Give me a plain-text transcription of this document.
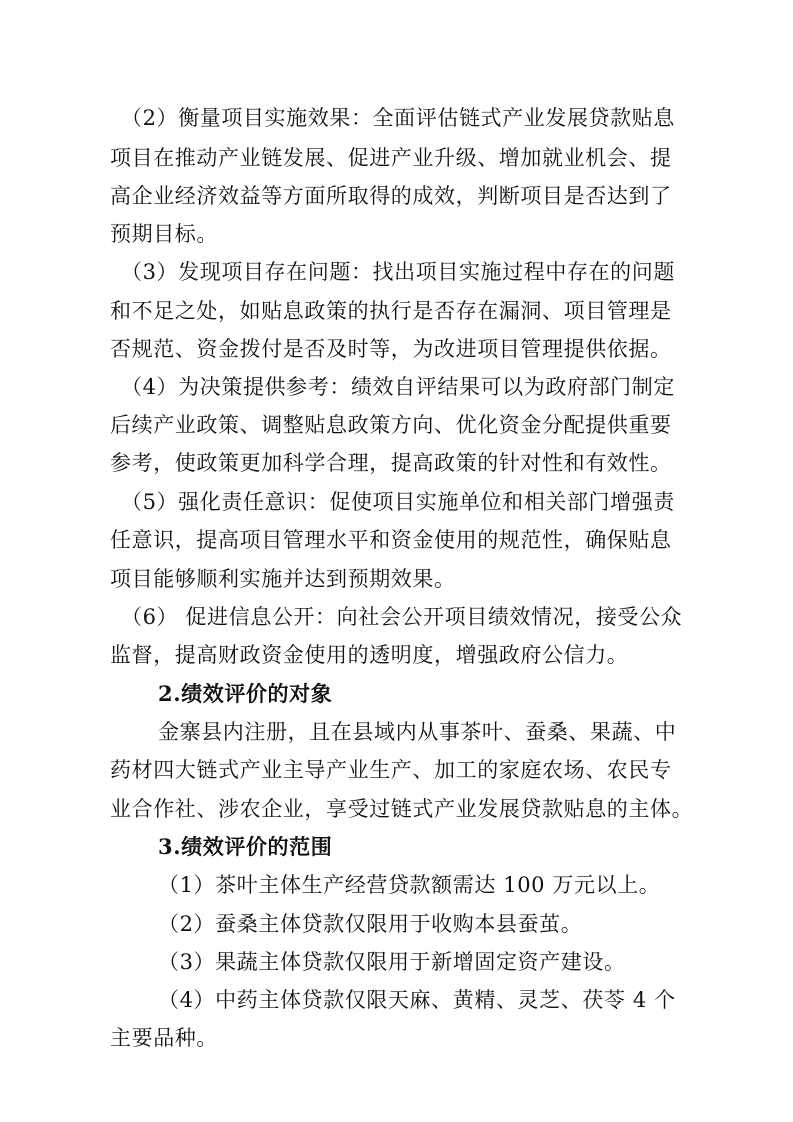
（2）衡量项目实施效果：全面评估链式产业发展贷款贴息
项目在推动产业链发展、促进产业升级、增加就业机会、提
高企业经济效益等方面所取得的成效，判断项目是否达到了
预期目标。
（3）发现项目存在问题：找出项目实施过程中存在的问题
和不足之处，如贴息政策的执行是否存在漏洞、项目管理是
否规范、资金拨付是否及时等，为改进项目管理提供依据。
（4）为决策提供参考：绩效自评结果可以为政府部门制定
后续产业政策、调整贴息政策方向、优化资金分配提供重要
参考，使政策更加科学合理，提高政策的针对性和有效性。
（5）强化责任意识：促使项目实施单位和相关部门增强责
任意识，提高项目管理水平和资金使用的规范性，确保贴息
项目能够顺利实施并达到预期效果。
（6） 促进信息公开：向社会公开项目绩效情况，接受公众
监督，提高财政资金使用的透明度，增强政府公信力。
2.绩效评价的对象
金寨县内注册，且在县域内从事茶叶、蚕桑、果蔬、中
药材四大链式产业主导产业生产、加工的家庭农场、农民专
业合作社、涉农企业，享受过链式产业发展贷款贴息的主体。
3.绩效评价的范围
（1）茶叶主体生产经营贷款额需达 100 万元以上。
（2）蚕桑主体贷款仅限用于收购本县蚕茧。
（3）果蔬主体贷款仅限用于新增固定资产建设。
（4）中药主体贷款仅限天麻、黄精、灵芝、茯苓 4 个
主要品种。
